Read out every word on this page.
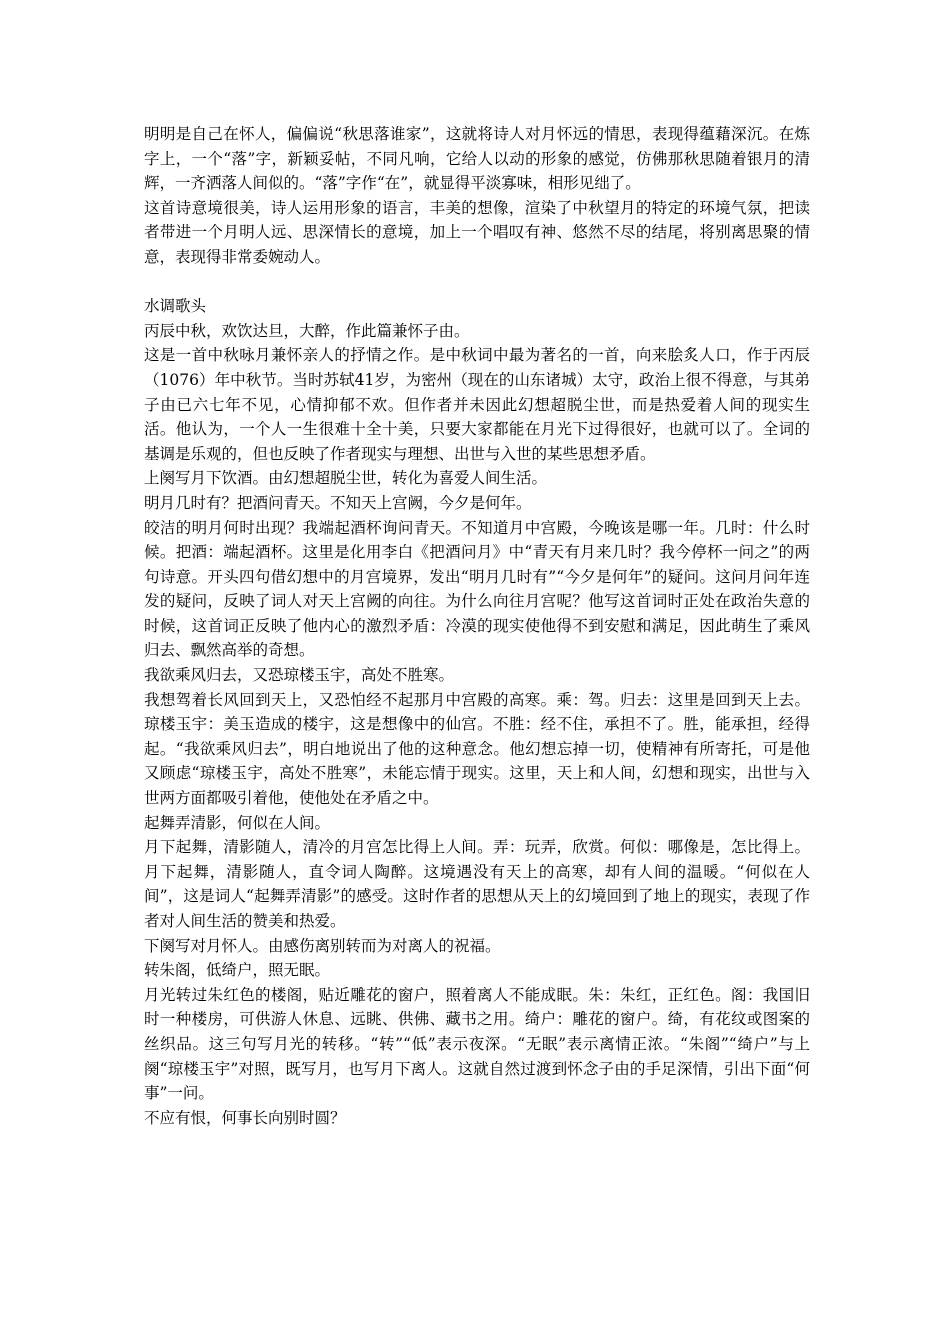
明明是自己在怀人，偏偏说“秋思落谁家”，这就将诗人对月怀远的情思，表现得蕴藉深沉。在炼字上，一个“落”字，新颖妥帖，不同凡响，它给人以动的形象的感觉，仿佛那秋思随着银月的清辉，一齐洒落人间似的。“落”字作“在”，就显得平淡寡味，相形见绌了。

这首诗意境很美，诗人运用形象的语言，丰美的想像，渲染了中秋望月的特定的环境气氛，把读者带进一个月明人远、思深情长的意境，加上一个唱叹有神、悠然不尽的结尾，将别离思聚的情意，表现得非常委婉动人。

水调歌头

丙辰中秋，欢饮达旦，大醉，作此篇兼怀子由。

这是一首中秋咏月兼怀亲人的抒情之作。是中秋词中最为著名的一首，向来脍炙人口，作于丙辰（1076）年中秋节。当时苏轼41岁，为密州（现在的山东诸城）太守，政治上很不得意，与其弟子由已六七年不见，心情抑郁不欢。但作者并未因此幻想超脱尘世，而是热爱着人间的现实生活。他认为，一个人一生很难十全十美，只要大家都能在月光下过得很好，也就可以了。全词的基调是乐观的，但也反映了作者现实与理想、出世与入世的某些思想矛盾。

上阕写月下饮酒。由幻想超脱尘世，转化为喜爱人间生活。

明月几时有？把酒问青天。不知天上宫阙，今夕是何年。

皎洁的明月何时出现？我端起酒杯询问青天。不知道月中宫殿，今晚该是哪一年。几时：什么时候。把酒：端起酒杯。这里是化用李白《把酒问月》中“青天有月来几时？我今停杯一问之”的两句诗意。开头四句借幻想中的月宫境界，发出“明月几时有”“今夕是何年”的疑问。这问月问年连发的疑问，反映了词人对天上宫阙的向往。为什么向往月宫呢？他写这首词时正处在政治失意的时候，这首词正反映了他内心的激烈矛盾：冷漠的现实使他得不到安慰和满足，因此萌生了乘风归去、飘然高举的奇想。

我欲乘风归去，又恐琼楼玉宇，高处不胜寒。

我想驾着长风回到天上，又恐怕经不起那月中宫殿的高寒。乘：驾。归去：这里是回到天上去。琼楼玉宇：美玉造成的楼宇，这是想像中的仙宫。不胜：经不住，承担不了。胜，能承担，经得起。“我欲乘风归去”，明白地说出了他的这种意念。他幻想忘掉一切，使精神有所寄托，可是他又顾虑“琼楼玉宇，高处不胜寒”，未能忘情于现实。这里，天上和人间，幻想和现实，出世与入世两方面都吸引着他，使他处在矛盾之中。

起舞弄清影，何似在人间。

月下起舞，清影随人，清冷的月宫怎比得上人间。弄：玩弄，欣赏。何似：哪像是，怎比得上。月下起舞，清影随人，直令词人陶醉。这境遇没有天上的高寒，却有人间的温暖。“何似在人间”，这是词人“起舞弄清影”的感受。这时作者的思想从天上的幻境回到了地上的现实，表现了作者对人间生活的赞美和热爱。

下阕写对月怀人。由感伤离别转而为对离人的祝福。

转朱阁，低绮户，照无眠。

月光转过朱红色的楼阁，贴近雕花的窗户，照着离人不能成眠。朱：朱红，正红色。阁：我国旧时一种楼房，可供游人休息、远眺、供佛、藏书之用。绮户：雕花的窗户。绮，有花纹或图案的丝织品。这三句写月光的转移。“转”“低”表示夜深。“无眠”表示离情正浓。“朱阁”“绮户”与上阕“琼楼玉宇”对照，既写月，也写月下离人。这就自然过渡到怀念子由的手足深情，引出下面“何事”一问。

不应有恨，何事长向别时圆？
